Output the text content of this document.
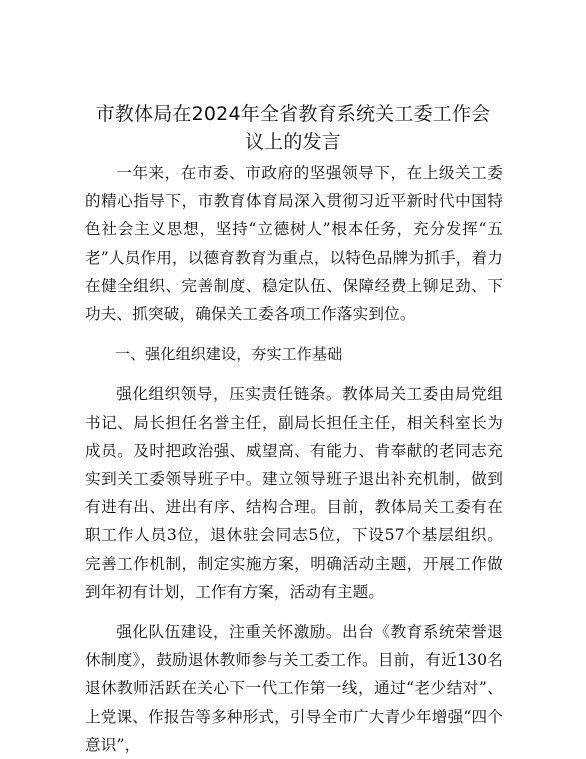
市教体局在2024年全省教育系统关工委工作会
议上的发言

一年来，在市委、市政府的坚强领导下，在上级关工委的精心指导下，市教育体育局深入贯彻习近平新时代中国特色社会主义思想，坚持“立德树人”根本任务，充分发挥“五老”人员作用，以德育教育为重点，以特色品牌为抓手，着力在健全组织、完善制度、稳定队伍、保障经费上铆足劲、下功夫、抓突破，确保关工委各项工作落实到位。

一、强化组织建设，夯实工作基础

强化组织领导，压实责任链条。教体局关工委由局党组书记、局长担任名誉主任，副局长担任主任，相关科室长为成员。及时把政治强、威望高、有能力、肯奉献的老同志充实到关工委领导班子中。建立领导班子退出补充机制，做到有进有出、进出有序、结构合理。目前，教体局关工委有在职工作人员3位，退休驻会同志5位，下设57个基层组织。完善工作机制，制定实施方案，明确活动主题，开展工作做到年初有计划，工作有方案，活动有主题。

强化队伍建设，注重关怀激励。出台《教育系统荣誉退休制度》，鼓励退休教师参与关工委工作。目前，有近130名退休教师活跃在关心下一代工作第一线，通过“老少结对”、上党课、作报告等多种形式，引导全市广大青少年增强“四个意识”，
